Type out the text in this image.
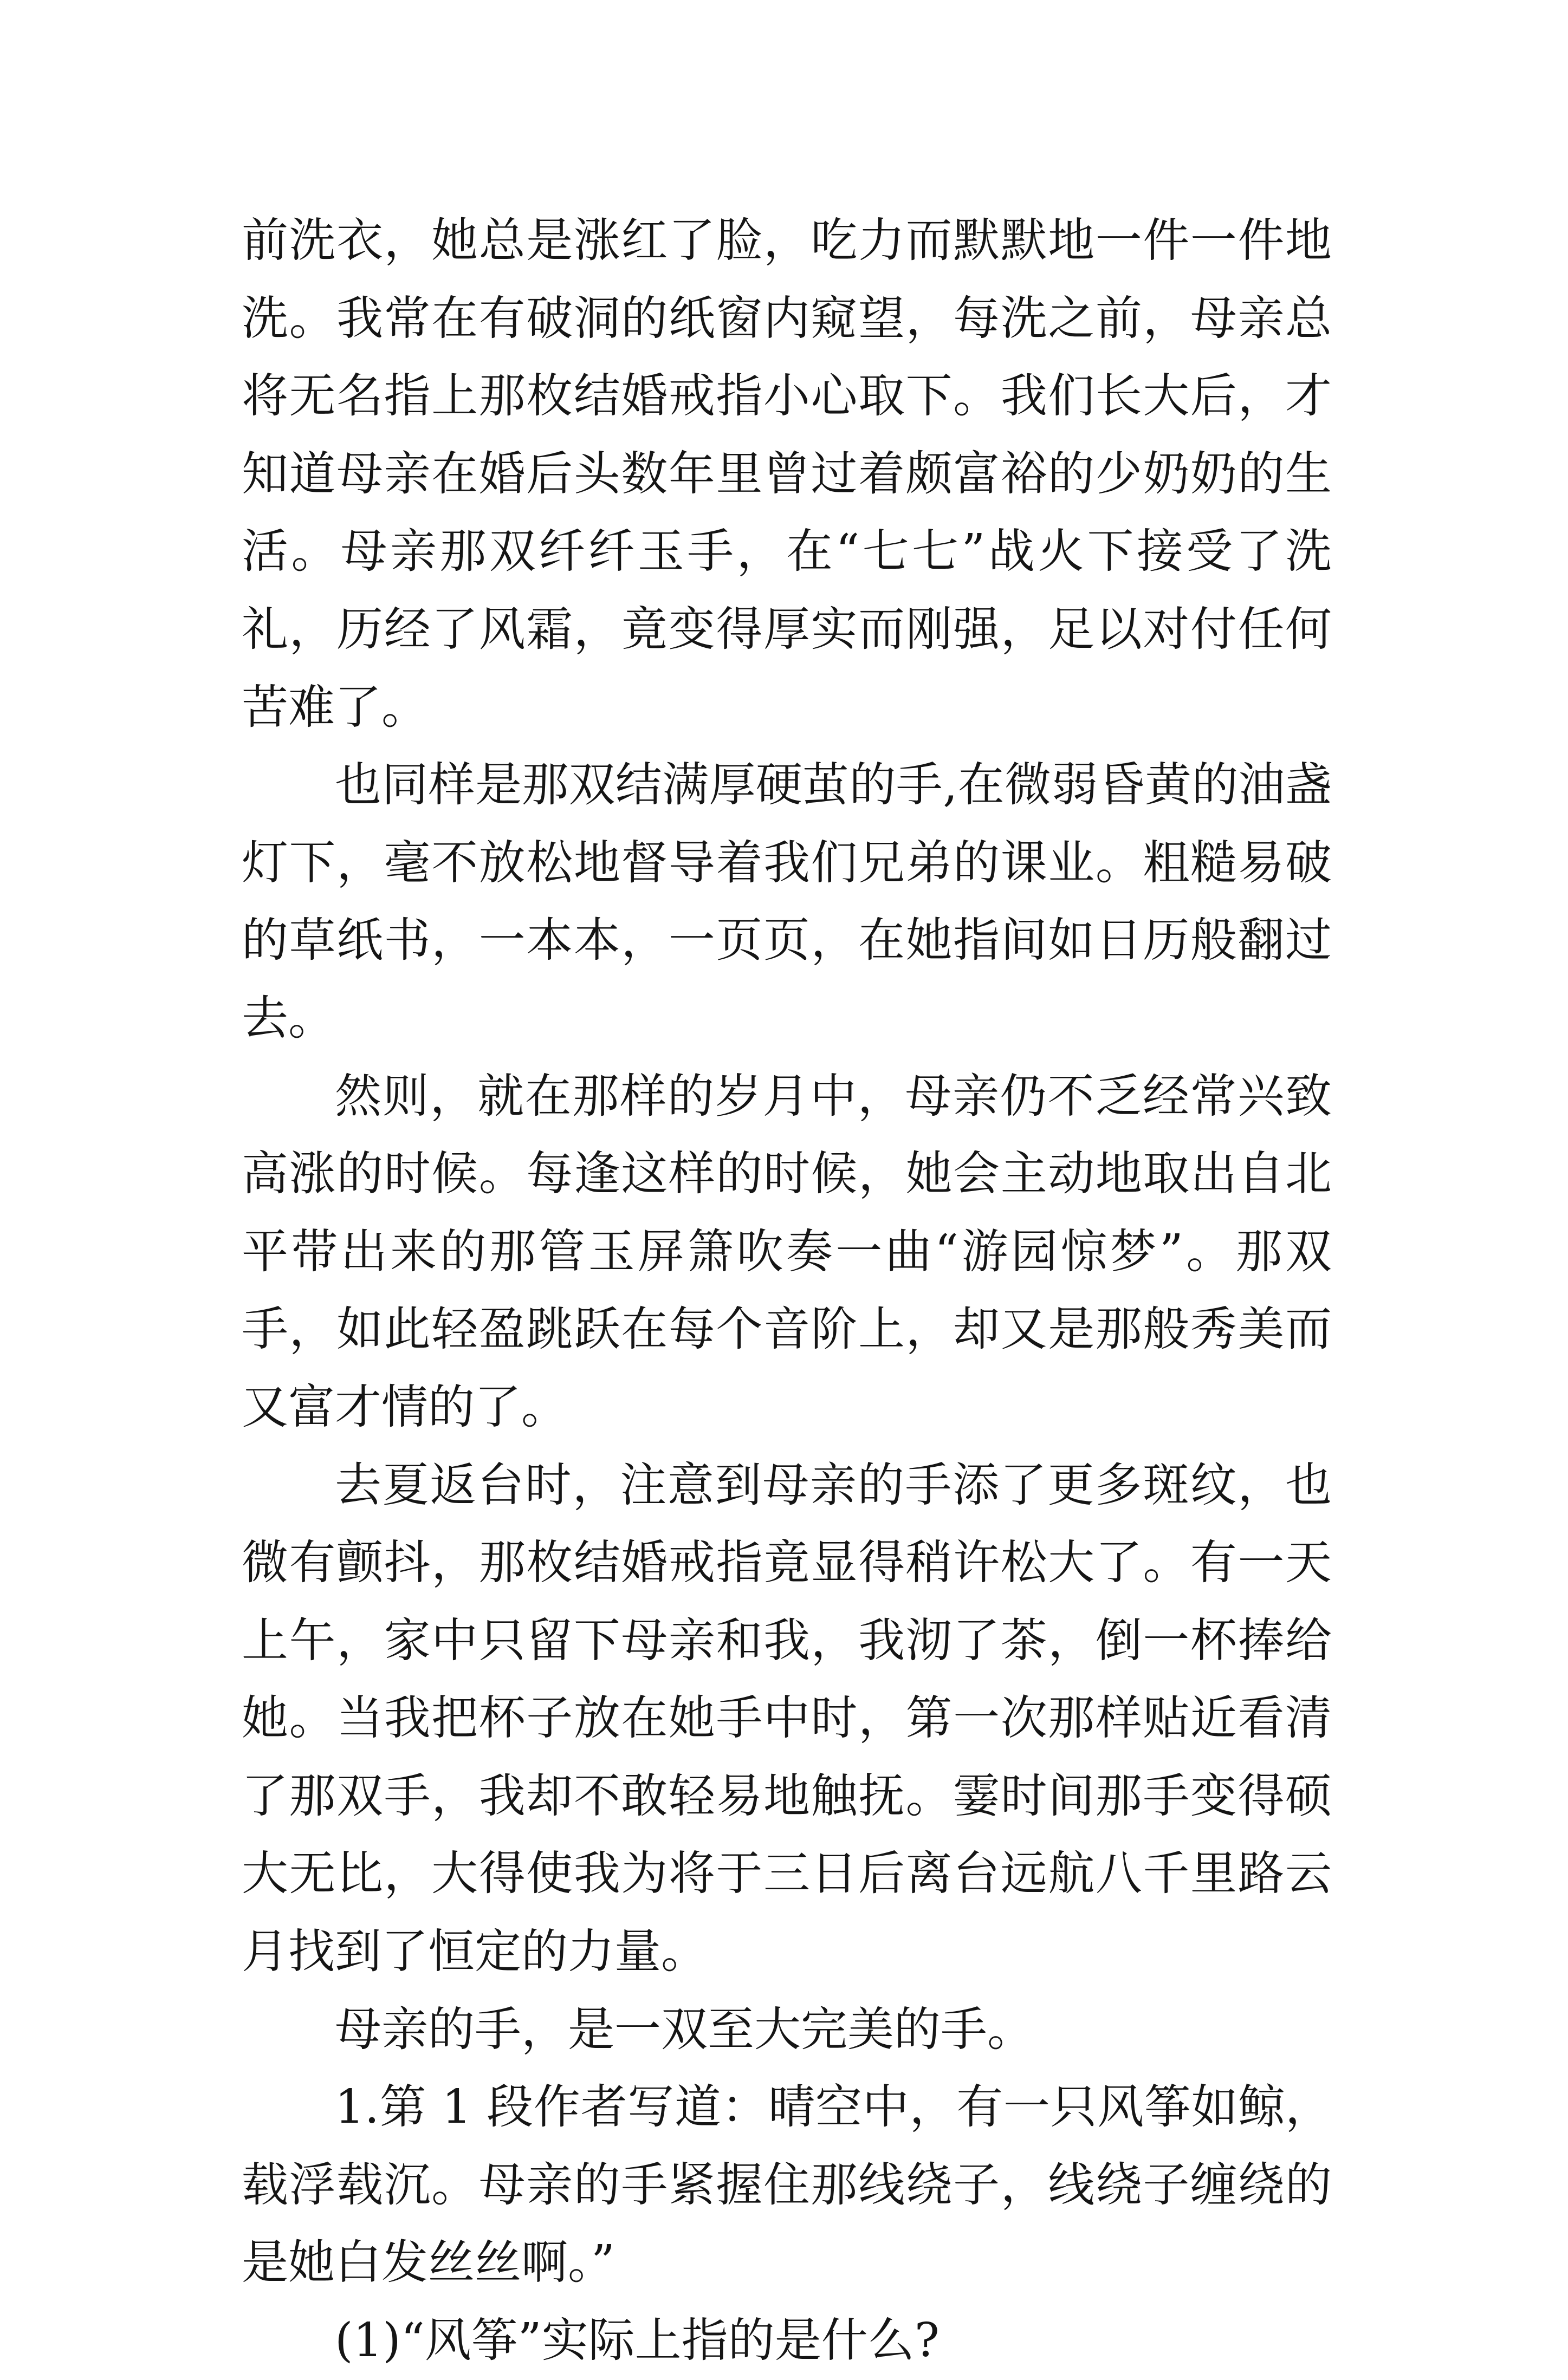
前洗衣，她总是涨红了脸，吃力而默默地一件一件地洗。我常在有破洞的纸窗内窥望，每洗之前，母亲总将无名指上那枚结婚戒指小心取下。我们长大后，才知道母亲在婚后头数年里曾过着颇富裕的少奶奶的生活。母亲那双纤纤玉手，在“七七”战火下接受了洗礼，历经了风霜，竟变得厚实而刚强，足以对付任何苦难了。

也同样是那双结满厚硬茧的手,在微弱昏黄的油盏灯下，毫不放松地督导着我们兄弟的课业。粗糙易破的草纸书，一本本，一页页，在她指间如日历般翻过去。

然则，就在那样的岁月中，母亲仍不乏经常兴致高涨的时候。每逢这样的时候，她会主动地取出自北平带出来的那管玉屏箫吹奏一曲“游园惊梦”。那双手，如此轻盈跳跃在每个音阶上，却又是那般秀美而又富才情的了。

去夏返台时，注意到母亲的手添了更多斑纹，也微有颤抖，那枚结婚戒指竟显得稍许松大了。有一天上午，家中只留下母亲和我，我沏了茶，倒一杯捧给她。当我把杯子放在她手中时，第一次那样贴近看清了那双手，我却不敢轻易地触抚。霎时间那手变得硕大无比，大得使我为将于三日后离台远航八千里路云月找到了恒定的力量。

母亲的手，是一双至大完美的手。

1.第 1 段作者写道：晴空中，有一只风筝如鲸，载浮载沉。母亲的手紧握住那线绕子，线绕子缠绕的是她白发丝丝啊。”

(1)“风筝”实际上指的是什么?
